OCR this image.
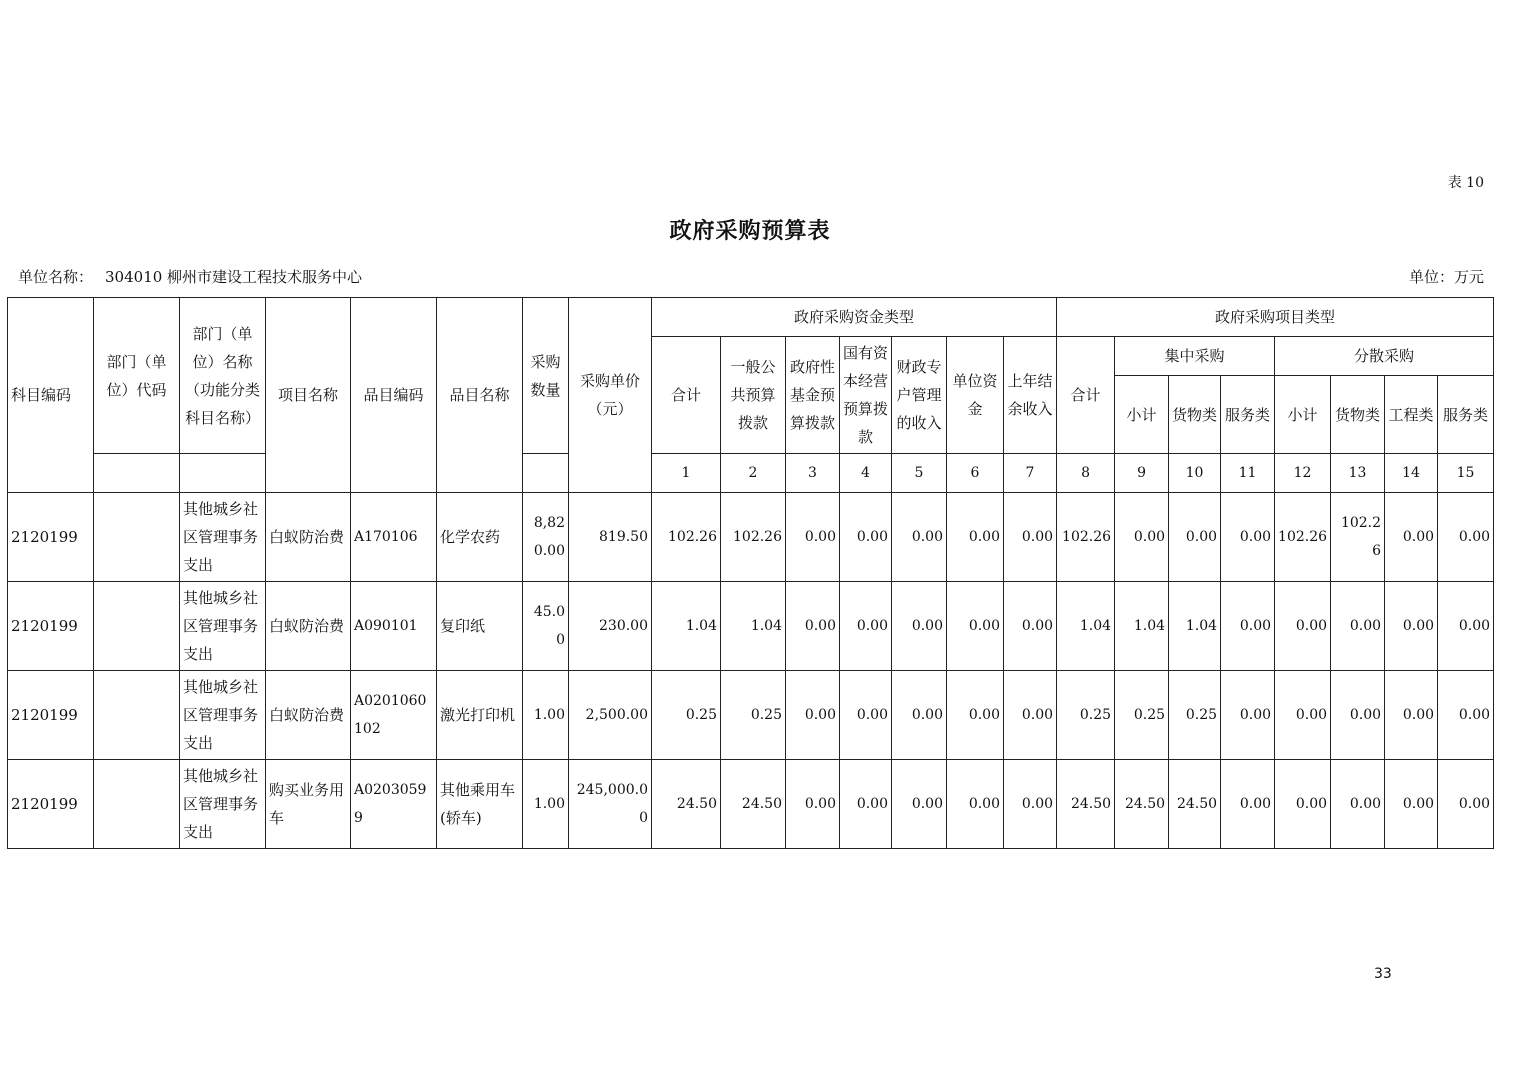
表 10
政府采购预算表
单位名称： 304010 柳州市建设工程技术服务中心	单位：万元
科目编码	部门（单位）代码	部门（单位）名称（功能分类科目名称）	项目名称	品目编码	品目名称	采购数量	采购单价（元）	政府采购资金类型							政府采购项目类型							
								合计	一般公共预算拨款	政府性基金预算拨款	国有资本经营预算拨款	财政专户管理的收入	单位资金	上年结余收入	合计	集中采购			分散采购			
																小计	货物类	服务类	小计	货物类	工程类	服务类
								1	2	3	4	5	6	7	8	9	10	11	12	13	14	15
2120199		其他城乡社区管理事务支出	白蚁防治费	A170106	化学农药	8,820.00	819.50	102.26	102.26	0.00	0.00	0.00	0.00	0.00	102.26	0.00	0.00	0.00	102.26	102.26	0.00	0.00
2120199		其他城乡社区管理事务支出	白蚁防治费	A090101	复印纸	45.00	230.00	1.04	1.04	0.00	0.00	0.00	0.00	0.00	1.04	1.04	1.04	0.00	0.00	0.00	0.00	0.00
2120199		其他城乡社区管理事务支出	白蚁防治费	A0201060102	激光打印机	1.00	2,500.00	0.25	0.25	0.00	0.00	0.00	0.00	0.00	0.25	0.25	0.25	0.00	0.00	0.00	0.00	0.00
2120199		其他城乡社区管理事务支出	购买业务用车	A02030599	其他乘用车(轿车)	1.00	245,000.00	24.50	24.50	0.00	0.00	0.00	0.00	0.00	24.50	24.50	24.50	0.00	0.00	0.00	0.00	0.00
33
